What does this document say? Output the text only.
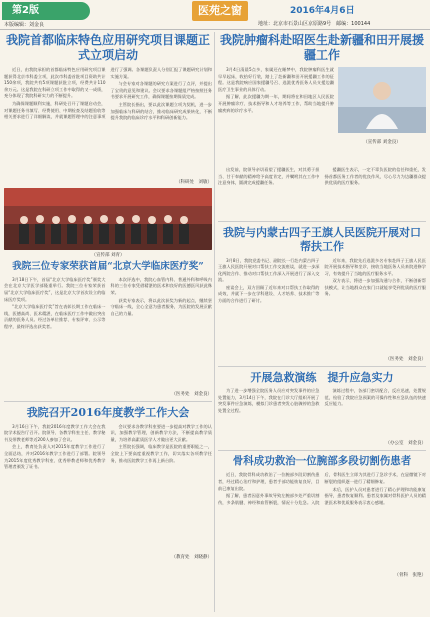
第2版
本版编辑：刘金良
医苑之窗	2016年4月6日
地址：北京市石景山区京原路9号　邮编：100144
我院首都临床特色应用研究项目课题正式立项启动

近日，由我院承担的首都临床特色应用研究项目课题获得北京市科委立项，此次市科委首批项目资助共计150余项，我院共有5项课题获批立项，经费共计110余万元。这是我院在科研立项工作中取得的又一成绩，充分体现了我院科研实力的不断提升。

为确保课题顺利实施，科研处召开了课题启动会，对课题任务书填写、经费使用、中期检查及结题验收等相关要求进行了详细解读，并就课题管理中的注意事项进行了强调。各课题负责人分别汇报了课题研究计划和实施方案。

与会专家对各课题的研究方案进行了点评，并提出了宝贵的意见和建议。会议要求各课题组严格按照任务书要求开展研究工作，确保课题按期保质完成。

主管院长指出，要以此次课题立项为契机，进一步加强临床与科研的结合，推动临床研究成果转化，不断提升我院的临床诊疗水平和科研创新能力。

（科研处　刘敏）
（宣传部 刘青）
我院三位专家荣获首届“北京大学临床医疗奖”

3月18日下午，首届“北京大学临床医疗奖”颁奖大会在北京大学医学部隆重举行。我院三位专家荣获首届“北京大学临床医疗奖”，这是北京大学首次设立的临床医疗奖项。

“北京大学临床医疗奖”旨在表彰长期工作在临床一线，医德高尚、医术精湛，在临床医疗工作中做出突出贡献的医务人员。经过各单位推荐、专家评审、公示等程序，最终评选出获奖者。

本次评选中，我院心血管内科、普通外科和呼吸内科的三位专家凭借精湛的医术和良好的医德医风获此殊荣。

获奖专家表示，将以此次获奖为新的起点，继续坚守临床一线，全心全意为患者服务，为医院的发展贡献自己的力量。

（医务处　刘金良）
我院召开2016年度教学工作大会

3月16日下午，我院2016年度教学工作大会在我院学术报告厅召开。院领导、各教学科室主任、教学秘书及带教老师等近200人参加了会议。

会上，教育处负责人对2015年度教学工作进行了全面总结，并对2016年教学工作进行了部署。院领导为2015年度优秀教学科室、优秀带教老师和优秀教学管理者颁发了证书。

会议要求各教学科室要进一步提高对教学工作的认识，加强教学管理，创新教学方法，不断提高教学质量，为培养高素质医学人才做出更大贡献。

主管院长强调，临床教学是医院的重要职能之一，全院上下要高度重视教学工作，切实落实各项教学任务，推动医院教学工作再上新台阶。

（教育处　刘晓静）
我院肿瘤科赴昭医生赴新疆和田开展援疆工作

3月4日清晨5点多，家属还在睡梦中，我院肿瘤科医生就早早起床，收拾好行装，踏上了赴新疆和田开展援疆工作的征程。这是我院响应国家援疆号召、选派优秀医务人员支援边疆医疗卫生事业的具体行动。

据了解，此次援疆为期一年，期间将在和田地区人民医院开展肿瘤诊疗、技术指导和人才培养等工作，帮助当地提升肿瘤疾病的诊疗水平。

（宣传部 刘金良）

出发前，院领导亲切看望了援疆医生，对其勇于担当、甘于奉献的精神给予高度肯定，并嘱咐其在工作中注意身体，圆满完成援疆任务。

援疆医生表示，一定不辜负医院的信任和重托，发扬首都医务工作者的优良作风，尽心尽力为边疆群众提供优质的医疗服务。

我院与内蒙古四子王旗人民医院开展对口帮扶工作

3月8日，我院党委书记、副院长一行赴内蒙古四子王旗人民医院开展对口帮扶工作交流座谈，就进一步深化两院合作、推动对口帮扶工作深入开展进行了深入交流。

座谈会上，双方回顾了近年来对口帮扶工作取得的成效，并就下一步在学科建设、人才培养、技术推广等方面的合作进行了研讨。

近年来，我院先后选派多名专家赴四子王旗人民医院开展技术指导和坐诊，接收当地医务人员来院进修学习，有效提升了当地的医疗服务水平。

双方表示，将进一步加强沟通与合作，不断创新帮扶模式，让当地群众在家门口就能享受到优质的医疗服务。

（医务处　刘金良）
开展急救演练　提升应急实力

为了进一步增强全院医务人员应对突发事件的应急处置能力，3月14日下午，我院在门诊大厅组织开展了突发事件应急演练，模拟门诊患者突发心脏骤停的急救处置全过程。

演练过程中，各部门密切配合，反应迅速，处置规范，检验了我院应急预案的可操作性和应急队伍的快速反应能力。

（办公室　刘金良）
骨科成功救治一位腕部多段切割伤患者

近日，我院骨科成功救治了一位腕部多段切割伤患者，经过精心治疗和护理，患者手部功能恢复良好，目前已康复出院。

据了解，患者因意外事故导致左腕部多处严重切割伤，多条肌腱、神经和血管断裂，情况十分危急。入院后，骨科医生立即为其进行了急诊手术，在显微镜下对断裂的组织逐一进行了精细修复。

术后，医护人员对患者进行了精心护理和功能康复指导，患者恢复顺利。患者及家属对骨科医护人员的精湛医术和优质服务表示衷心感谢。

（骨科　张艳）
